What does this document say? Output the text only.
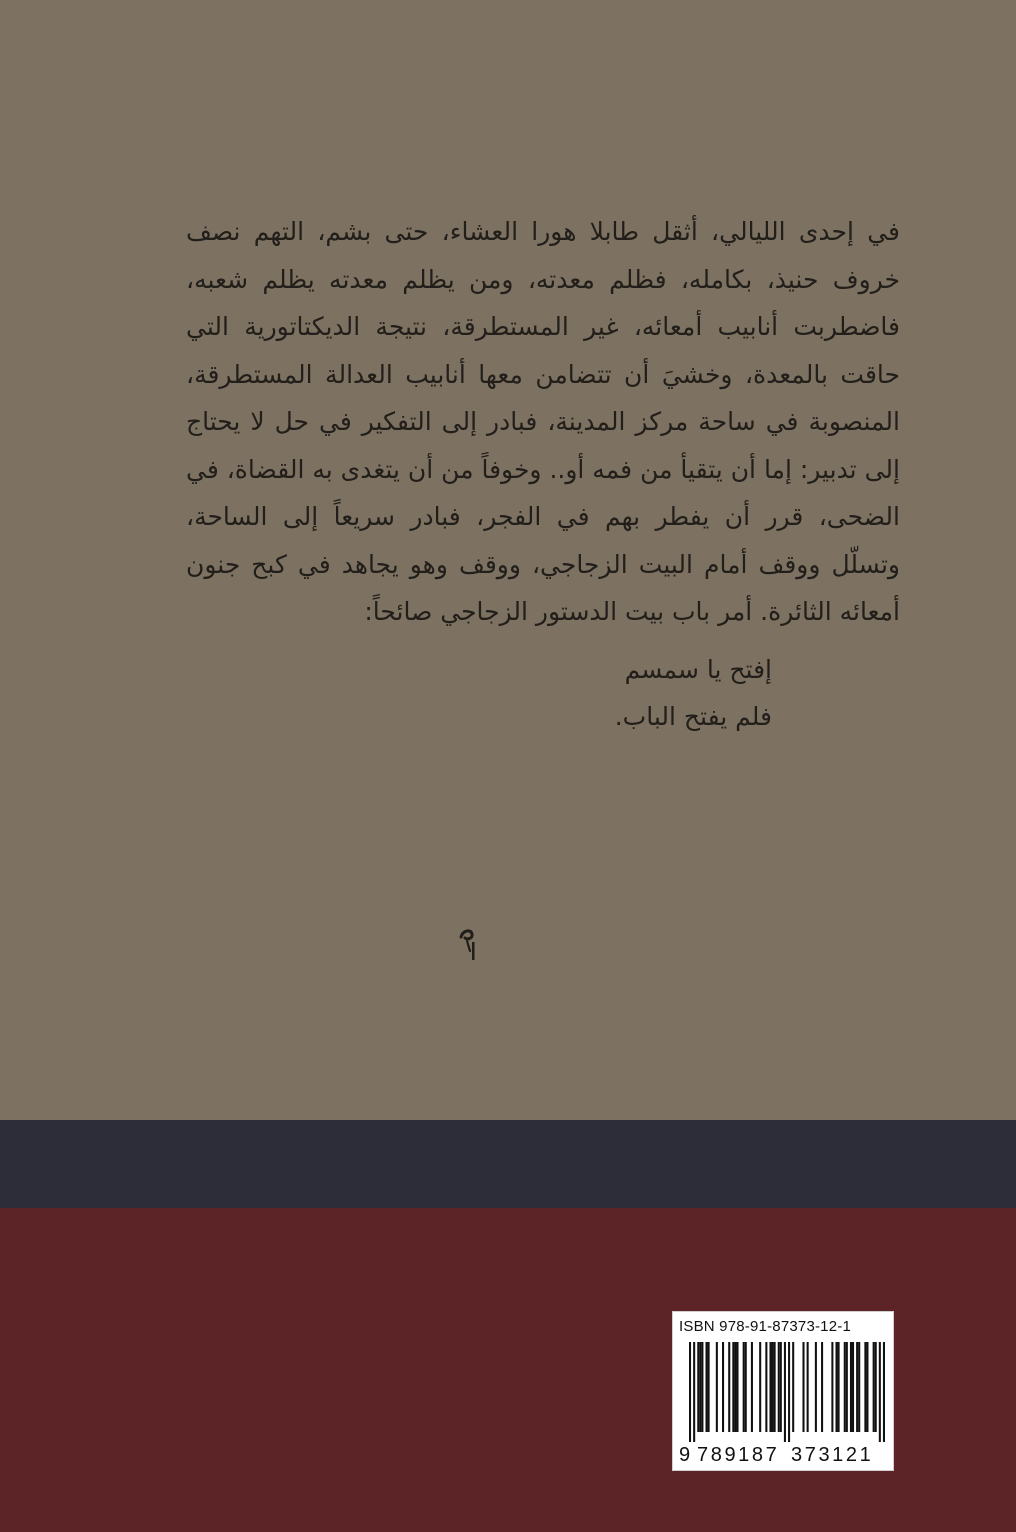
في إحدى الليالي، أثقل طابلا هورا العشاء، حتى بشم، التهم نصف خروف حنيذ، بكامله، فظلم معدته، ومن يظلم معدته يظلم شعبه، فاضطربت أنابيب أمعائه، غير المستطرقة، نتيجة الديكتاتورية التي حاقت بالمعدة، وخشيَ أن تتضامن معها أنابيب العدالة المستطرقة، المنصوبة في ساحة مركز المدينة، فبادر إلى التفكير في حل لا يحتاج إلى تدبير: إما أن يتقيأ من فمه أو.. وخوفاً من أن يتغدى به القضاة، في الضحى، قرر أن يفطر بهم في الفجر، فبادر سريعاً إلى الساحة، وتسلّل ووقف أمام البيت الزجاجي، ووقف وهو يجاهد في كبح جنون أمعائه الثائرة. أمر باب بيت الدستور الزجاجي صائحاً:

إفتح يا سمسم

فلم يفتح الباب.

ISBN 978-91-87373-12-1
9 789187 373121
